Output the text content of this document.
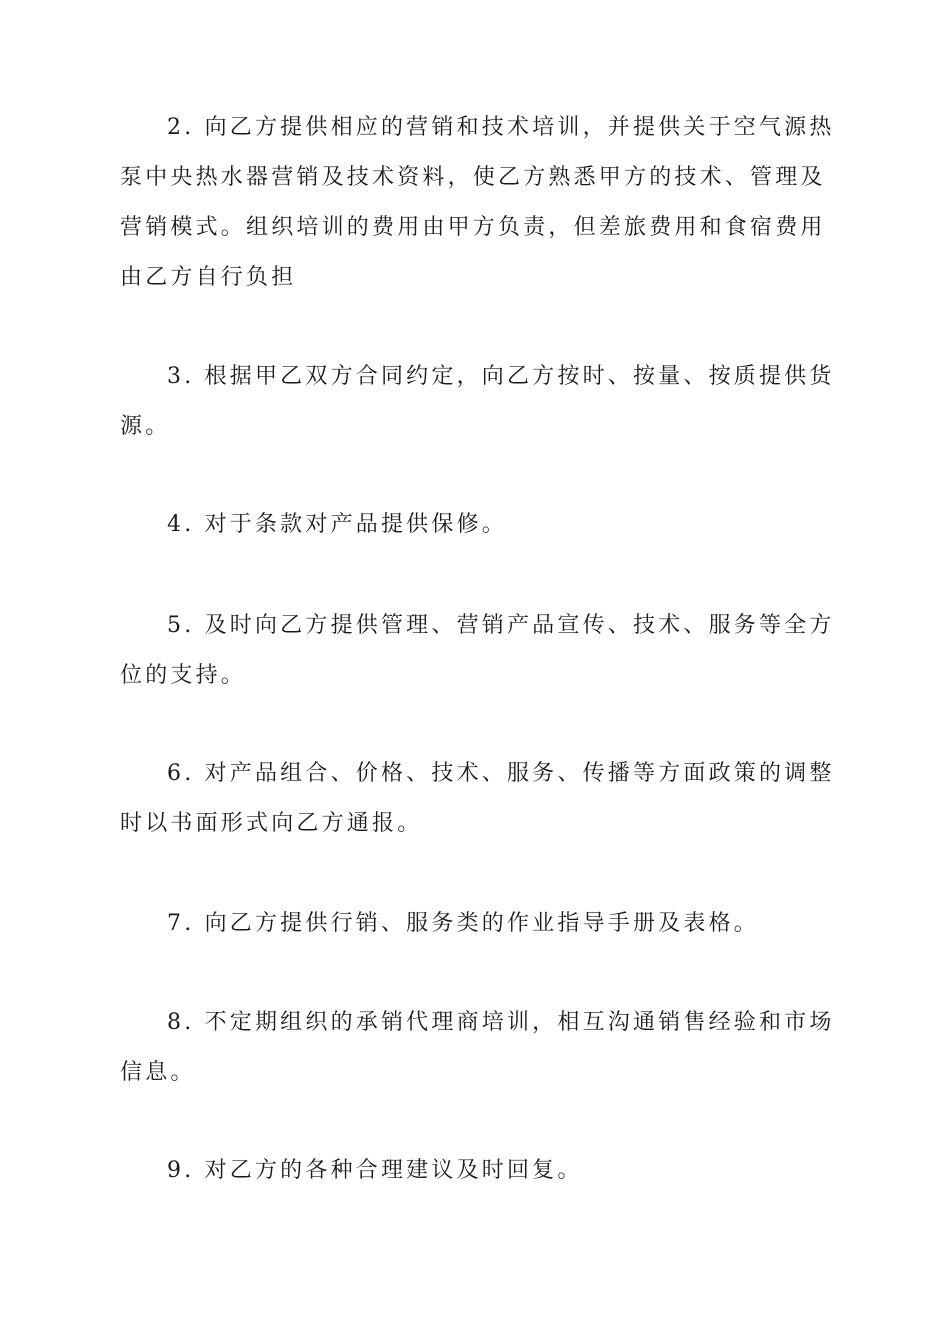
2. 向乙方提供相应的营销和技术培训，并提供关于空气源热泵中央热水器营销及技术资料，使乙方熟悉甲方的技术、管理及营销模式。组织培训的费用由甲方负责，但差旅费用和食宿费用由乙方自行负担

3. 根据甲乙双方合同约定，向乙方按时、按量、按质提供货源。

4. 对于条款对产品提供保修。

5. 及时向乙方提供管理、营销产品宣传、技术、服务等全方位的支持。

6. 对产品组合、价格、技术、服务、传播等方面政策的调整时以书面形式向乙方通报。

7. 向乙方提供行销、服务类的作业指导手册及表格。

8. 不定期组织的承销代理商培训，相互沟通销售经验和市场信息。

9. 对乙方的各种合理建议及时回复。
